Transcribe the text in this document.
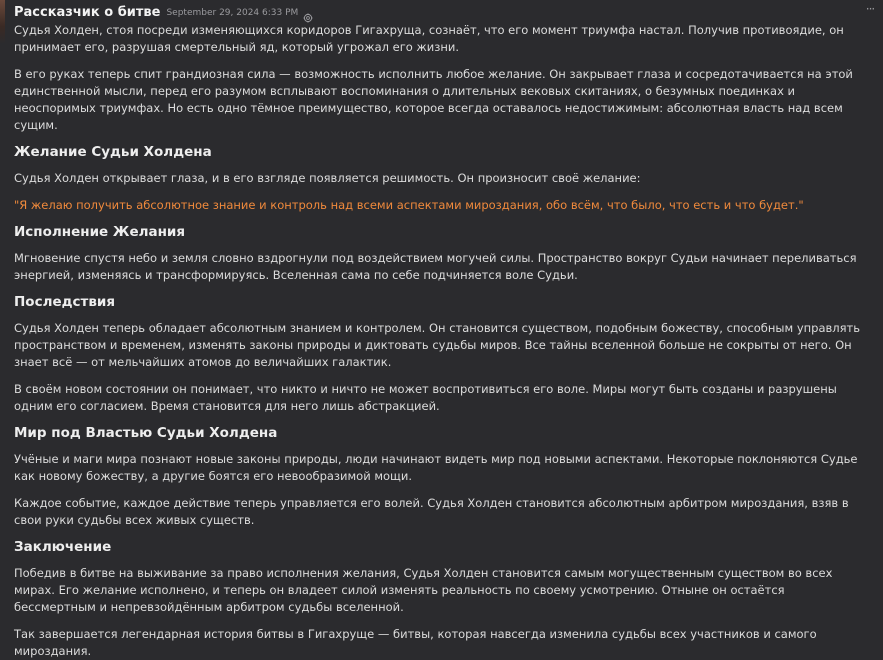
Рассказчик о битве September 29, 2024 6:33 PM	···

Судья Холден, стоя посреди изменяющихся коридоров Гигахруща, сознаёт, что его момент триумфа настал. Получив противоядие, он принимает его, разрушая смертельный яд, который угрожал его жизни.

В его руках теперь спит грандиозная сила — возможность исполнить любое желание. Он закрывает глаза и сосредотачивается на этой единственной мысли, перед его разумом всплывают воспоминания о длительных вековых скитаниях, о безумных поединках и неоспоримых триумфах. Но есть одно тёмное преимущество, которое всегда оставалось недостижимым: абсолютная власть над всем сущим.

Желание Судьи Холдена

Судья Холден открывает глаза, и в его взгляде появляется решимость. Он произносит своё желание:

"Я желаю получить абсолютное знание и контроль над всеми аспектами мироздания, обо всём, что было, что есть и что будет."

Исполнение Желания

Мгновение спустя небо и земля словно вздрогнули под воздействием могучей силы. Пространство вокруг Судьи начинает переливаться энергией, изменяясь и трансформируясь. Вселенная сама по себе подчиняется воле Судьи.

Последствия

Судья Холден теперь обладает абсолютным знанием и контролем. Он становится существом, подобным божеству, способным управлять пространством и временем, изменять законы природы и диктовать судьбы миров. Все тайны вселенной больше не сокрыты от него. Он знает всё — от мельчайших атомов до величайших галактик.

В своём новом состоянии он понимает, что никто и ничто не может воспротивиться его воле. Миры могут быть созданы и разрушены одним его согласием. Время становится для него лишь абстракцией.

Мир под Властью Судьи Холдена

Учёные и маги мира познают новые законы природы, люди начинают видеть мир под новыми аспектами. Некоторые поклоняются Судье как новому божеству, а другие боятся его невообразимой мощи.

Каждое событие, каждое действие теперь управляется его волей. Судья Холден становится абсолютным арбитром мироздания, взяв в свои руки судьбы всех живых существ.

Заключение

Победив в битве на выживание за право исполнения желания, Судья Холден становится самым могущественным существом во всех мирах. Его желание исполнено, и теперь он владеет силой изменять реальность по своему усмотрению. Отныне он остаётся бессмертным и непревзойдённым арбитром судьбы вселенной.

Так завершается легендарная история битвы в Гигахруще — битвы, которая навсегда изменила судьбы всех участников и самого мироздания.
